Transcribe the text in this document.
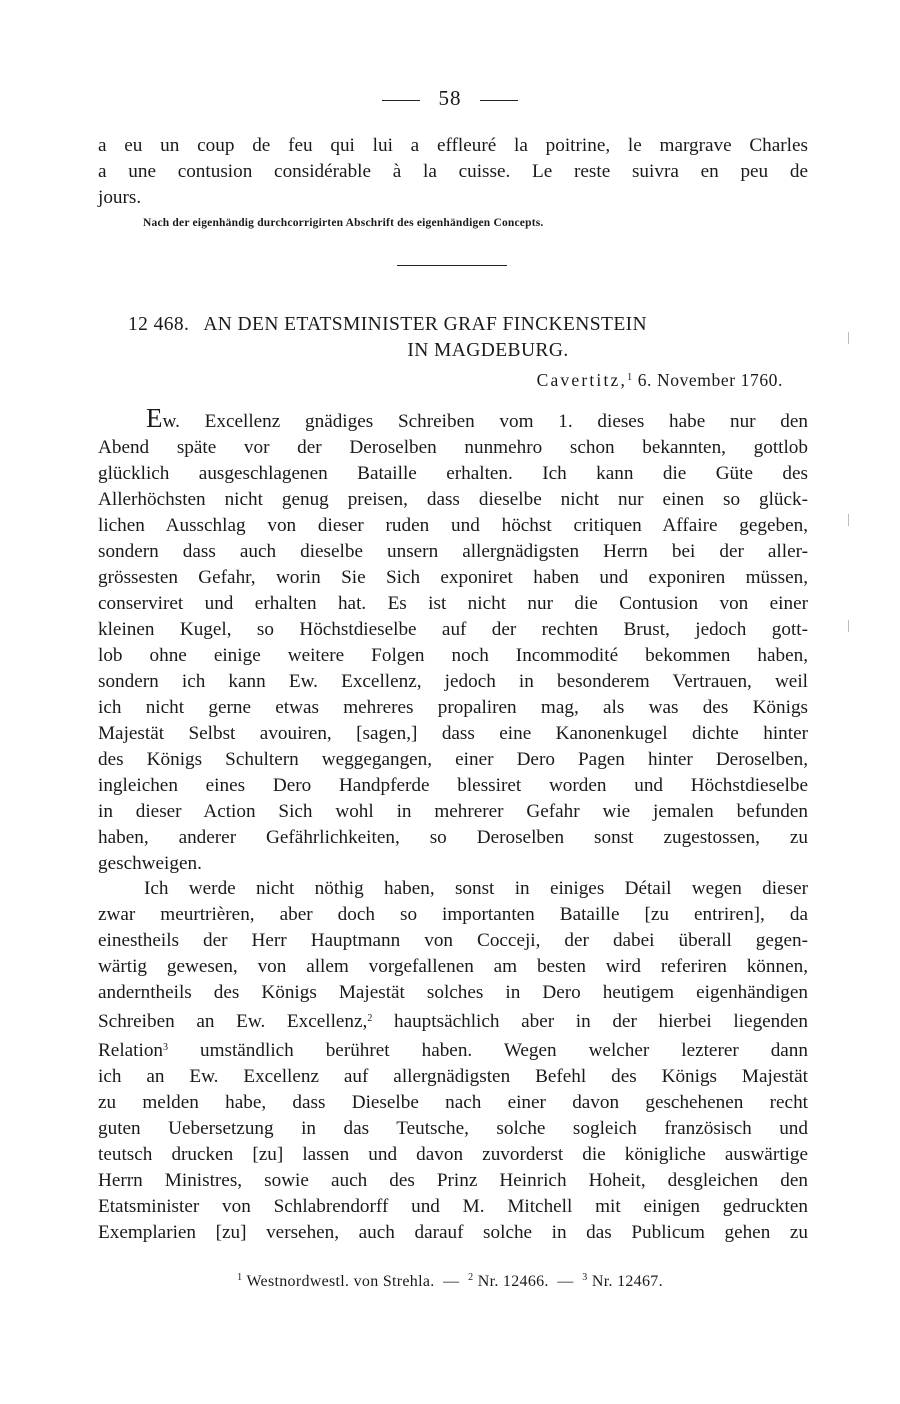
58

a eu un coup de feu qui lui a effleuré la poitrine, le margrave Charles
a une contusion considérable à la cuisse. Le reste suivra en peu de
jours.

Nach der eigenhändig durchcorrigirten Abschrift des eigenhändigen Concepts.
12 468. AN DEN ETATSMINISTER GRAF FINCKENSTEIN
IN MAGDEBURG.
Cavertitz,$^1$ 6. November 1760.

Ew. Excellenz gnädiges Schreiben vom 1. dieses habe nur den
Abend späte vor der Deroselben nunmehro schon bekannten, gottlob
glücklich ausgeschlagenen Bataille erhalten. Ich kann die Güte des
Allerhöchsten nicht genug preisen, dass dieselbe nicht nur einen so glück-
lichen Ausschlag von dieser ruden und höchst critiquen Affaire gegeben,
sondern dass auch dieselbe unsern allergnädigsten Herrn bei der aller-
grössesten Gefahr, worin Sie Sich exponiret haben und exponiren müssen,
conserviret und erhalten hat. Es ist nicht nur die Contusion von einer
kleinen Kugel, so Höchstdieselbe auf der rechten Brust, jedoch gott-
lob ohne einige weitere Folgen noch Incommodité bekommen haben,
sondern ich kann Ew. Excellenz, jedoch in besonderem Vertrauen, weil
ich nicht gerne etwas mehreres propaliren mag, als was des Königs
Majestät Selbst avouiren, [sagen,] dass eine Kanonenkugel dichte hinter
des Königs Schultern weggegangen, einer Dero Pagen hinter Deroselben,
ingleichen eines Dero Handpferde blessiret worden und Höchstdieselbe
in dieser Action Sich wohl in mehrerer Gefahr wie jemalen befunden
haben, anderer Gefährlichkeiten, so Deroselben sonst zugestossen, zu
geschweigen.

Ich werde nicht nöthig haben, sonst in einiges Détail wegen dieser
zwar meurtrièren, aber doch so importanten Bataille [zu entriren], da
einestheils der Herr Hauptmann von Cocceji, der dabei überall gegen-
wärtig gewesen, von allem vorgefallenen am besten wird referiren können,
anderntheils des Königs Majestät solches in Dero heutigem eigenhändigen
Schreiben an Ew. Excellenz,$^2$ hauptsächlich aber in der hierbei liegenden
Relation$^3$ umständlich berühret haben. Wegen welcher lezterer dann
ich an Ew. Excellenz auf allergnädigsten Befehl des Königs Majestät
zu melden habe, dass Dieselbe nach einer davon geschehenen recht
guten Uebersetzung in das Teutsche, solche sogleich französisch und
teutsch drucken [zu] lassen und davon zuvorderst die königliche auswärtige
Herrn Ministres, sowie auch des Prinz Heinrich Hoheit, desgleichen den
Etatsminister von Schlabrendorff und M. Mitchell mit einigen gedruckten
Exemplarien [zu] versehen, auch darauf solche in das Publicum gehen zu

$^1$ Westnordwestl. von Strehla. — $^2$ Nr. 12466. — $^3$ Nr. 12467.
